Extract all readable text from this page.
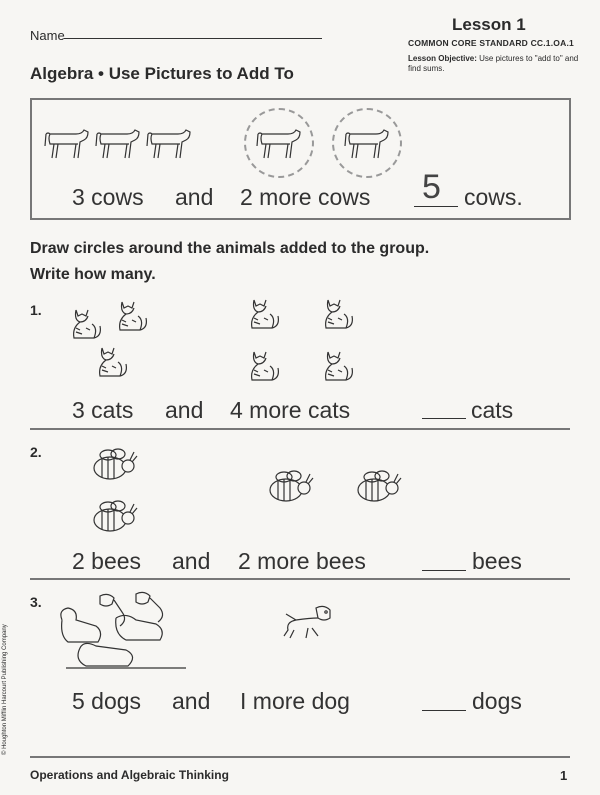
Name
Lesson 1
COMMON CORE STANDARD CC.1.OA.1
Lesson Objective: Use pictures to "add to" and find sums.
Algebra • Use Pictures to Add To
3 cows and 2 more cows 5 cows.
Draw circles around the animals added to the group. Write how many.
1.
3 cats and 4 more cats	cats
2.
2 bees and 2 more bees	bees
3.
5 dogs and I more dog	dogs
© Houghton Mifflin Harcourt Publishing Company
Operations and Algebraic Thinking	1
